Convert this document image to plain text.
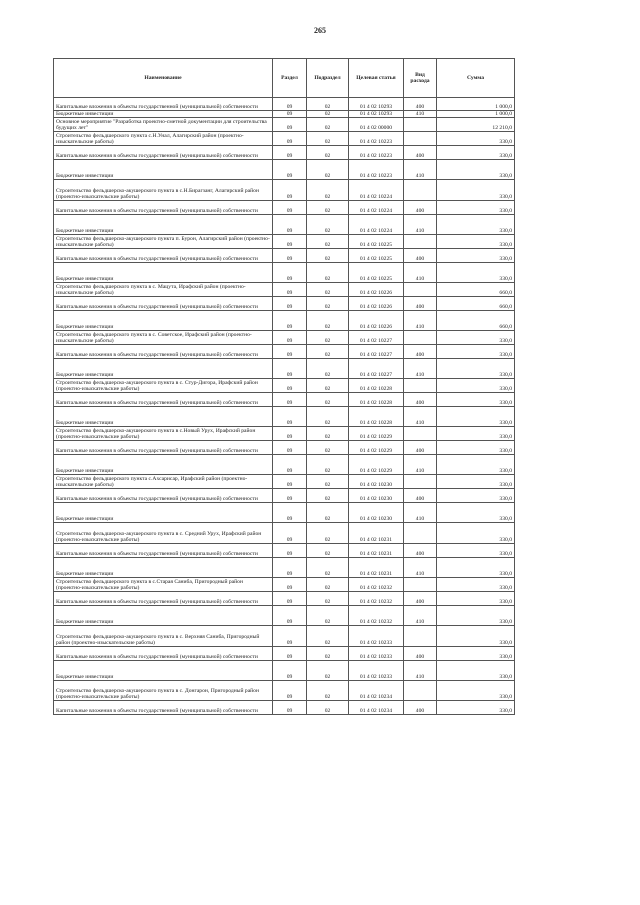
265
Наименование	Раздел	Подраздел	Целевая статья	Вид расхода	Сумма
Капитальные вложения в объекты государственной (муниципальной) собственности	09	02	01 4 02 10293	400	1 000,0
Бюджетные инвестиции	09	02	01 4 02 10293	410	1 000,0
Основное мероприятие "Разработка проектно-сметной документации для строительства будущих лет"	09	02	01 4 02 00000		12 210,0
Строительство фельдшерского пункта с.Н.Унал, Алагирский район (проектно-изыскательские работы)	09	02	01 4 02 10223		330,0
Капитальные вложения в объекты государственной (муниципальной) собственности	09	02	01 4 02 10223	400	330,0
Бюджетные инвестиции	09	02	01 4 02 10223	410	330,0
Строительство фельдшерско-акушерского пункта в с.Н.Бирагзанг, Алагирский район (проектно-изыскательские работы)	09	02	01 4 02 10224		330,0
Капитальные вложения в объекты государственной (муниципальной) собственности	09	02	01 4 02 10224	400	330,0
Бюджетные инвестиции	09	02	01 4 02 10224	410	330,0
Строительство фельдшерско-акушерского пункта п. Бурон, Алагирский район (проектно-изыскательские работы)	09	02	01 4 02 10225		330,0
Капитальные вложения в объекты государственной (муниципальной) собственности	09	02	01 4 02 10225	400	330,0
Бюджетные инвестиции	09	02	01 4 02 10225	410	330,0
Строительство фельдшерского пункта в с. Мацута, Ирафский район (проектно-изыскательские работы)	09	02	01 4 02 10226		660,0
Капитальные вложения в объекты государственной (муниципальной) собственности	09	02	01 4 02 10226	400	660,0
Бюджетные инвестиции	09	02	01 4 02 10226	410	660,0
Строительство фельдшерского пункта в с. Советское, Ирафский район (проектно-изыскательские работы)	09	02	01 4 02 10227		330,0
Капитальные вложения в объекты государственной (муниципальной) собственности	09	02	01 4 02 10227	400	330,0
Бюджетные инвестиции	09	02	01 4 02 10227	410	330,0
Строительство фельдшерско-акушерского пункта в с. Стур-Дигора, Ирафский район (проектно-изыскательские работы)	09	02	01 4 02 10228		330,0
Капитальные вложения в объекты государственной (муниципальной) собственности	09	02	01 4 02 10228	400	330,0
Бюджетные инвестиции	09	02	01 4 02 10228	410	330,0
Строительство фельдшерско-акушерского пункта в с.Новый Урух, Ирафский район (проектно-изыскательские работы)	09	02	01 4 02 10229		330,0
Капитальные вложения в объекты государственной (муниципальной) собственности	09	02	01 4 02 10229	400	330,0
Бюджетные инвестиции	09	02	01 4 02 10229	410	330,0
Строительство фельдшерского пункта с.Ахсарисар, Ирафский район (проектно-изыскательские работы)	09	02	01 4 02 10230		330,0
Капитальные вложения в объекты государственной (муниципальной) собственности	09	02	01 4 02 10230	400	330,0
Бюджетные инвестиции	09	02	01 4 02 10230	410	330,0
Строительство фельдшерско-акушерского пункта в с. Средний Урух, Ирафский район (проектно-изыскательские работы)	09	02	01 4 02 10231		330,0
Капитальные вложения в объекты государственной (муниципальной) собственности	09	02	01 4 02 10231	400	330,0
Бюджетные инвестиции	09	02	01 4 02 10231	410	330,0
Строительство фельдшерского пункта в с.Старая Саниба, Пригородный район (проектно-изыскательские работы)	09	02	01 4 02 10232		330,0
Капитальные вложения в объекты государственной (муниципальной) собственности	09	02	01 4 02 10232	400	330,0
Бюджетные инвестиции	09	02	01 4 02 10232	410	330,0
Строительство фельдшерско-акушерского пункта в с. Верхняя Саниба, Пригородный район (проектно-изыскательские работы)	09	02	01 4 02 10233		330,0
Капитальные вложения в объекты государственной (муниципальной) собственности	09	02	01 4 02 10233	400	330,0
Бюджетные инвестиции	09	02	01 4 02 10233	410	330,0
Строительство фельдшерско-акушерского пункта в с. Донгарон, Пригородный район (проектно-изыскательские работы)	09	02	01 4 02 10234		330,0
Капитальные вложения в объекты государственной (муниципальной) собственности	09	02	01 4 02 10234	400	330,0
